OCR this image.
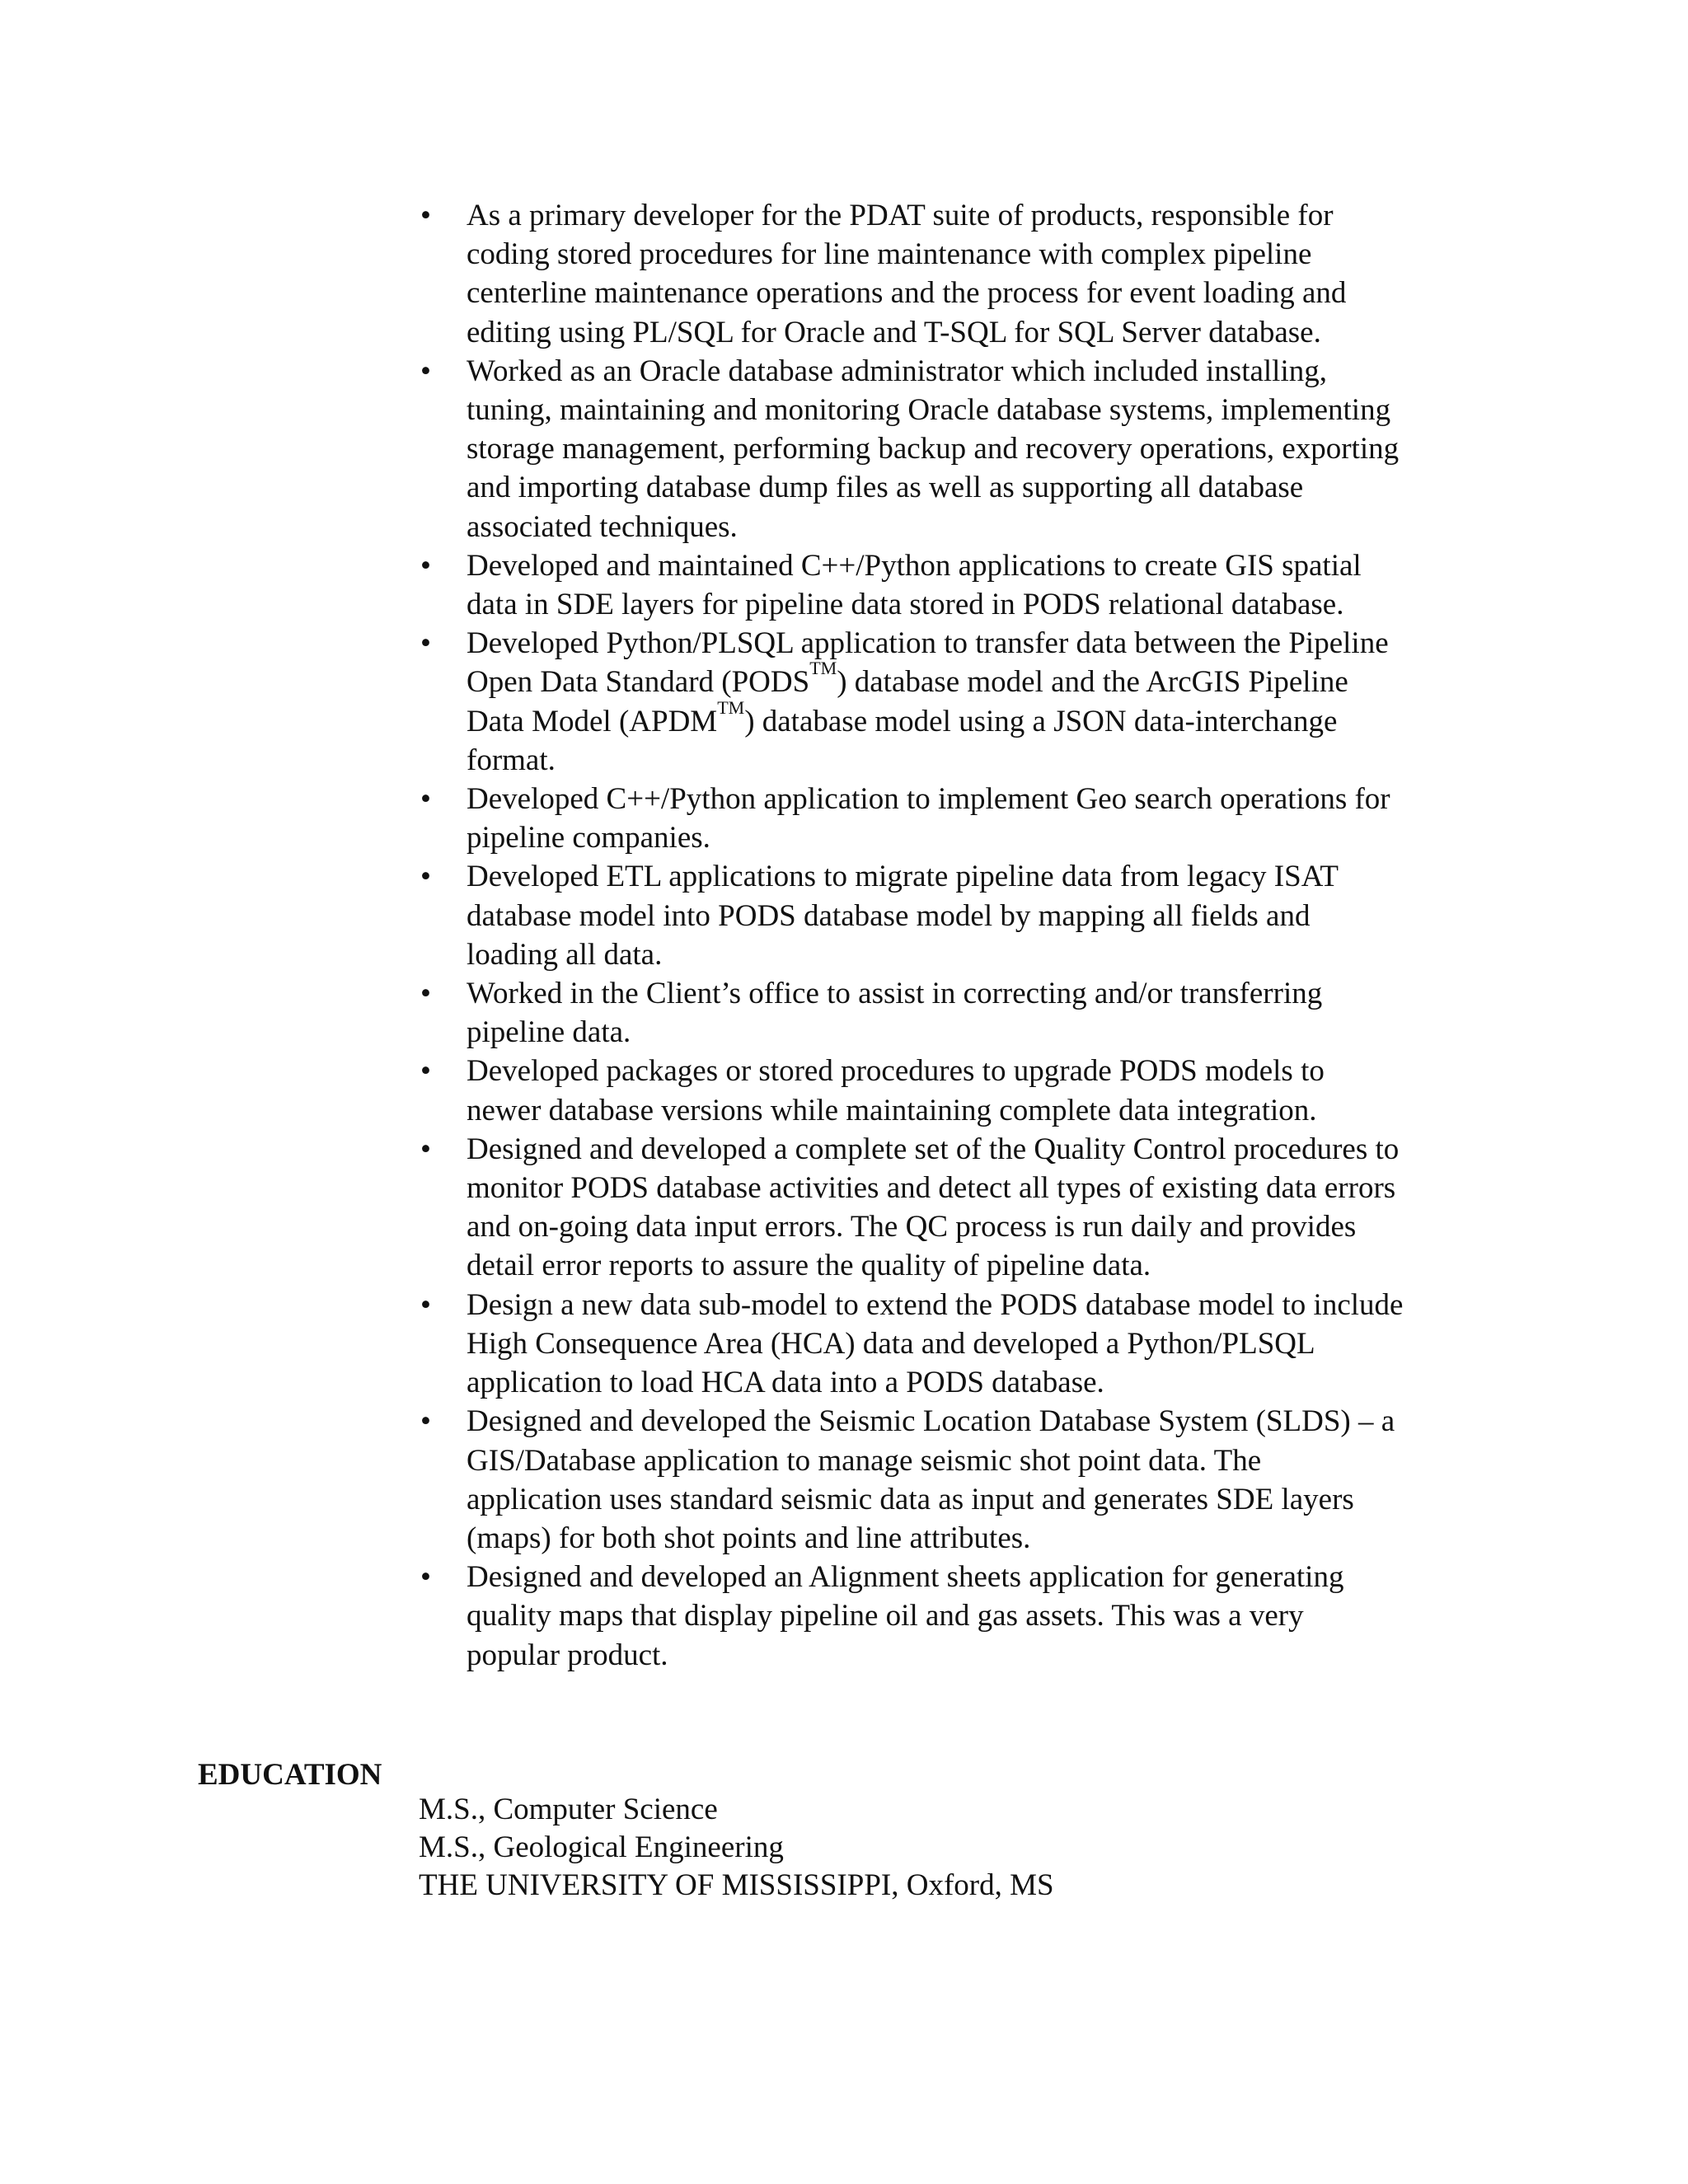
• As a primary developer for the PDAT suite of products, responsible for
coding stored procedures for line maintenance with complex pipeline
centerline maintenance operations and the process for event loading and
editing using PL/SQL for Oracle and T-SQL for SQL Server database.
• Worked as an Oracle database administrator which included installing,
tuning, maintaining and monitoring Oracle database systems, implementing
storage management, performing backup and recovery operations, exporting
and importing database dump files as well as supporting all database
associated techniques.
• Developed and maintained C++/Python applications to create GIS spatial
data in SDE layers for pipeline data stored in PODS relational database.
• Developed Python/PLSQL application to transfer data between the Pipeline
Open Data Standard (PODS™) database model and the ArcGIS Pipeline
Data Model (APDM™) database model using a JSON data-interchange
format.
• Developed C++/Python application to implement Geo search operations for
pipeline companies.
• Developed ETL applications to migrate pipeline data from legacy ISAT
database model into PODS database model by mapping all fields and
loading all data.
• Worked in the Client’s office to assist in correcting and/or transferring
pipeline data.
• Developed packages or stored procedures to upgrade PODS models to
newer database versions while maintaining complete data integration.
• Designed and developed a complete set of the Quality Control procedures to
monitor PODS database activities and detect all types of existing data errors
and on-going data input errors. The QC process is run daily and provides
detail error reports to assure the quality of pipeline data.
• Design a new data sub-model to extend the PODS database model to include
High Consequence Area (HCA) data and developed a Python/PLSQL
application to load HCA data into a PODS database.
• Designed and developed the Seismic Location Database System (SLDS) – a
GIS/Database application to manage seismic shot point data. The
application uses standard seismic data as input and generates SDE layers
(maps) for both shot points and line attributes.
• Designed and developed an Alignment sheets application for generating
quality maps that display pipeline oil and gas assets. This was a very
popular product.
EDUCATION
M.S., Computer Science
M.S., Geological Engineering
THE UNIVERSITY OF MISSISSIPPI, Oxford, MS
